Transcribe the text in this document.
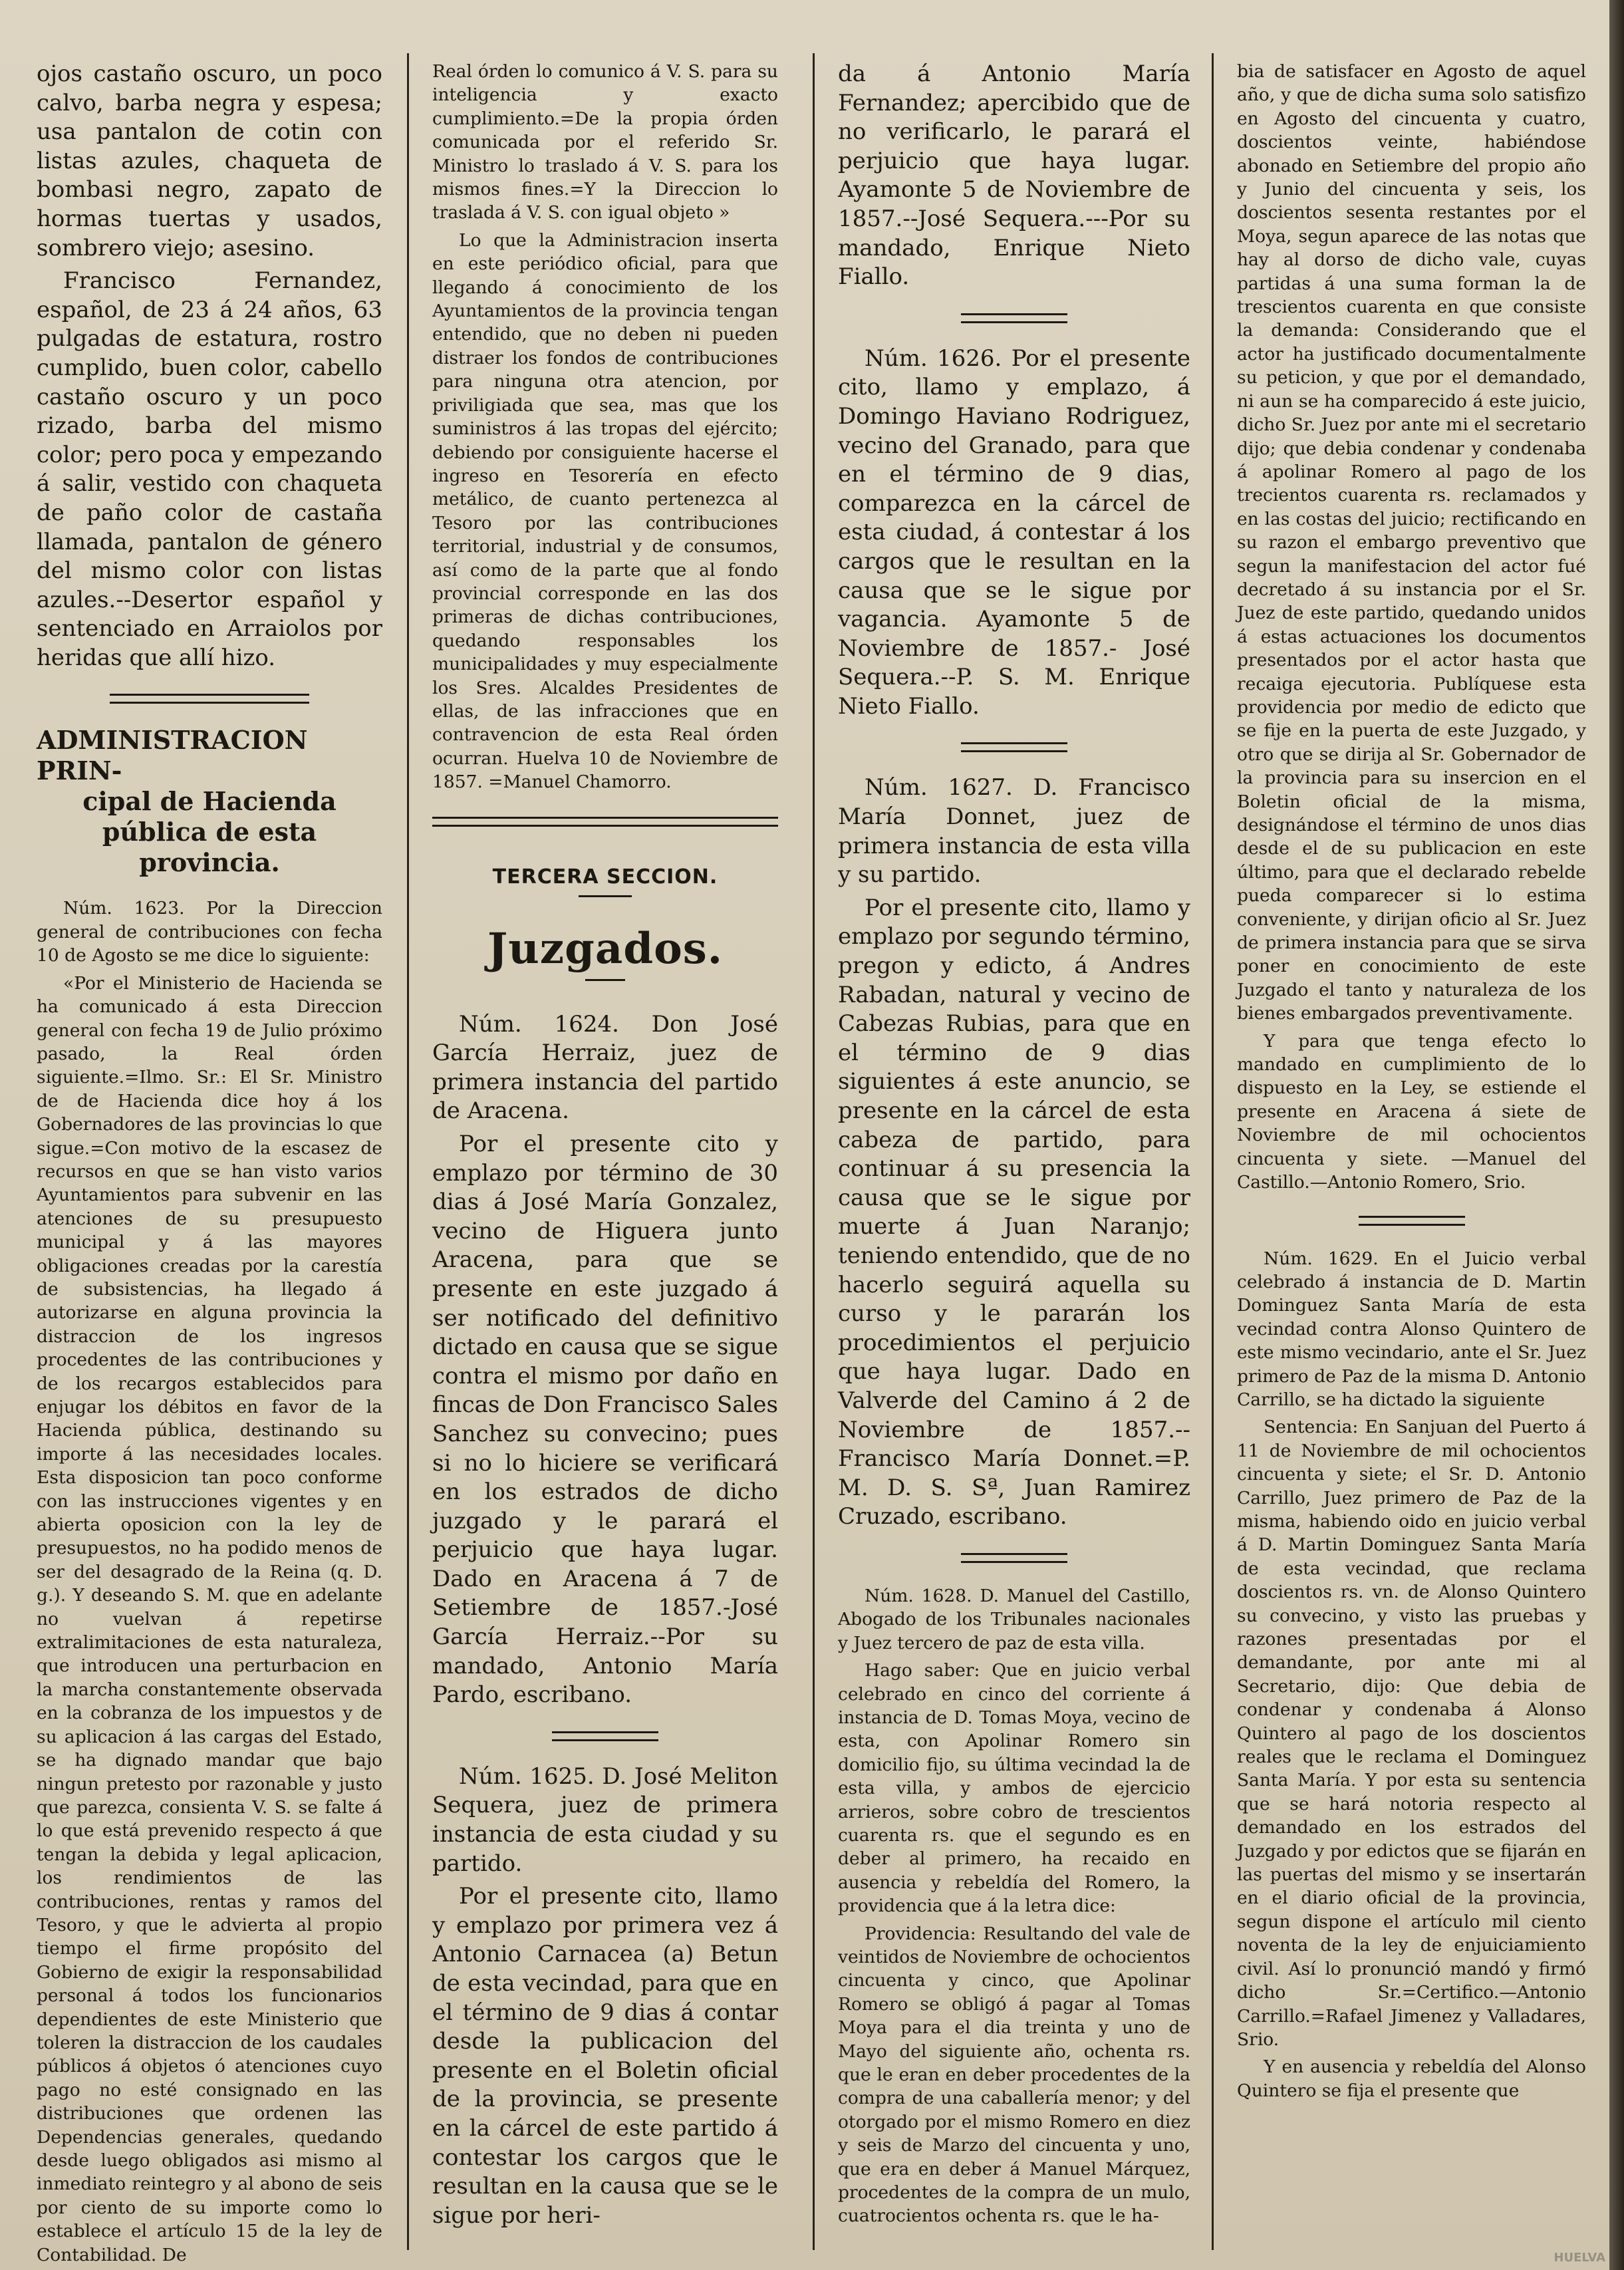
ojos castaño oscuro, un poco calvo, barba negra y espesa; usa pantalon de cotin con listas azules, chaqueta de bombasi negro, zapato de hormas tuertas y usados, sombrero viejo; asesino.

Francisco Fernandez, español, de 23 á 24 años, 63 pulgadas de estatura, rostro cumplido, buen color, cabello castaño oscuro y un poco rizado, barba del mismo color; pero poca y empezando á salir, vestido con chaqueta de paño color de castaña llamada, pantalon de género del mismo color con listas azules.--Desertor español y sentenciado en Arraiolos por heridas que allí hizo.

ADMINISTRACION PRIN-
cipal de Hacienda pública de esta provincia.

Núm. 1623. Por la Direccion general de contribuciones con fecha 10 de Agosto se me dice lo siguiente:

«Por el Ministerio de Hacienda se ha comunicado á esta Direccion general con fecha 19 de Julio próximo pasado, la Real órden siguiente.=Ilmo. Sr.: El Sr. Ministro de de Hacienda dice hoy á los Gobernadores de las provincias lo que sigue.=Con motivo de la escasez de recursos en que se han visto varios Ayuntamientos para subvenir en las atenciones de su presupuesto municipal y á las mayores obligaciones creadas por la carestía de subsistencias, ha llegado á autorizarse en alguna provincia la distraccion de los ingresos procedentes de las contribuciones y de los recargos establecidos para enjugar los débitos en favor de la Hacienda pública, destinando su importe á las necesidades locales. Esta disposicion tan poco conforme con las instrucciones vigentes y en abierta oposicion con la ley de presupuestos, no ha podido menos de ser del desagrado de la Reina (q. D. g.). Y deseando S. M. que en adelante no vuelvan á repetirse extralimitaciones de esta naturaleza, que introducen una perturbacion en la marcha constantemente observada en la cobranza de los impuestos y de su aplicacion á las cargas del Estado, se ha dignado mandar que bajo ningun pretesto por razonable y justo que parezca, consienta V. S. se falte á lo que está prevenido respecto á que tengan la debida y legal aplicacion, los rendimientos de las contribuciones, rentas y ramos del Tesoro, y que le advierta al propio tiempo el firme propósito del Gobierno de exigir la responsabilidad personal á todos los funcionarios dependientes de este Ministerio que toleren la distraccion de los caudales públicos á objetos ó atenciones cuyo pago no esté consignado en las distribuciones que ordenen las Dependencias generales, quedando desde luego obligados asi mismo al inmediato reintegro y al abono de seis por ciento de su importe como lo establece el artículo 15 de la ley de Contabilidad. De

Real órden lo comunico á V. S. para su inteligencia y exacto cumplimiento.=De la propia órden comunicada por el referido Sr. Ministro lo traslado á V. S. para los mismos fines.=Y la Direccion lo traslada á V. S. con igual objeto »

Lo que la Administracion inserta en este periódico oficial, para que llegando á conocimiento de los Ayuntamientos de la provincia tengan entendido, que no deben ni pueden distraer los fondos de contribuciones para ninguna otra atencion, por priviligiada que sea, mas que los suministros á las tropas del ejército; debiendo por consiguiente hacerse el ingreso en Tesorería en efecto metálico, de cuanto pertenezca al Tesoro por las contribuciones territorial, industrial y de consumos, así como de la parte que al fondo provincial corresponde en las dos primeras de dichas contribuciones, quedando responsables los municipalidades y muy especialmente los Sres. Alcaldes Presidentes de ellas, de las infracciones que en contravencion de esta Real órden ocurran. Huelva 10 de Noviembre de 1857. =Manuel Chamorro.

TERCERA SECCION.
Juzgados.

Núm. 1624. Don José García Herraiz, juez de primera instancia del partido de Aracena.

Por el presente cito y emplazo por término de 30 dias á José María Gonzalez, vecino de Higuera junto Aracena, para que se presente en este juzgado á ser notificado del definitivo dictado en causa que se sigue contra el mismo por daño en fincas de Don Francisco Sales Sanchez su convecino; pues si no lo hiciere se verificará en los estrados de dicho juzgado y le parará el perjuicio que haya lugar. Dado en Aracena á 7 de Setiembre de 1857.-José García Herraiz.--Por su mandado, Antonio María Pardo, escribano.

Núm. 1625. D. José Meliton Sequera, juez de primera instancia de esta ciudad y su partido.

Por el presente cito, llamo y emplazo por primera vez á Antonio Carnacea (a) Betun de esta vecindad, para que en el término de 9 dias á contar desde la publicacion del presente en el Boletin oficial de la provincia, se presente en la cárcel de este partido á contestar los cargos que le resultan en la causa que se le sigue por heri-

da á Antonio María Fernandez; apercibido que de no verificarlo, le parará el perjuicio que haya lugar. Ayamonte 5 de Noviembre de 1857.--José Sequera.---Por su mandado, Enrique Nieto Fiallo.

Núm. 1626. Por el presente cito, llamo y emplazo, á Domingo Haviano Rodriguez, vecino del Granado, para que en el término de 9 dias, comparezca en la cárcel de esta ciudad, á contestar á los cargos que le resultan en la causa que se le sigue por vagancia. Ayamonte 5 de Noviembre de 1857.- José Sequera.--P. S. M. Enrique Nieto Fiallo.

Núm. 1627. D. Francisco María Donnet, juez de primera instancia de esta villa y su partido.

Por el presente cito, llamo y emplazo por segundo término, pregon y edicto, á Andres Rabadan, natural y vecino de Cabezas Rubias, para que en el término de 9 dias siguientes á este anuncio, se presente en la cárcel de esta cabeza de partido, para continuar á su presencia la causa que se le sigue por muerte á Juan Naranjo; teniendo entendido, que de no hacerlo seguirá aquella su curso y le pararán los procedimientos el perjuicio que haya lugar. Dado en Valverde del Camino á 2 de Noviembre de 1857.--Francisco María Donnet.=P. M. D. S. Sª, Juan Ramirez Cruzado, escribano.

Núm. 1628. D. Manuel del Castillo, Abogado de los Tribunales nacionales y Juez tercero de paz de esta villa.

Hago saber: Que en juicio verbal celebrado en cinco del corriente á instancia de D. Tomas Moya, vecino de esta, con Apolinar Romero sin domicilio fijo, su última vecindad la de esta villa, y ambos de ejercicio arrieros, sobre cobro de trescientos cuarenta rs. que el segundo es en deber al primero, ha recaido en ausencia y rebeldía del Romero, la providencia que á la letra dice:

Providencia: Resultando del vale de veintidos de Noviembre de ochocientos cincuenta y cinco, que Apolinar Romero se obligó á pagar al Tomas Moya para el dia treinta y uno de Mayo del siguiente año, ochenta rs. que le eran en deber procedentes de la compra de una caballería menor; y del otorgado por el mismo Romero en diez y seis de Marzo del cincuenta y uno, que era en deber á Manuel Márquez, procedentes de la compra de un mulo, cuatrocientos ochenta rs. que le ha-

bia de satisfacer en Agosto de aquel año, y que de dicha suma solo satisfizo en Agosto del cincuenta y cuatro, doscientos veinte, habiéndose abonado en Setiembre del propio año y Junio del cincuenta y seis, los doscientos sesenta restantes por el Moya, segun aparece de las notas que hay al dorso de dicho vale, cuyas partidas á una suma forman la de trescientos cuarenta en que consiste la demanda: Considerando que el actor ha justificado documentalmente su peticion, y que por el demandado, ni aun se ha comparecido á este juicio, dicho Sr. Juez por ante mi el secretario dijo; que debia condenar y condenaba á apolinar Romero al pago de los trecientos cuarenta rs. reclamados y en las costas del juicio; rectificando en su razon el embargo preventivo que segun la manifestacion del actor fué decretado á su instancia por el Sr. Juez de este partido, quedando unidos á estas actuaciones los documentos presentados por el actor hasta que recaiga ejecutoria. Publíquese esta providencia por medio de edicto que se fije en la puerta de este Juzgado, y otro que se dirija al Sr. Gobernador de la provincia para su insercion en el Boletin oficial de la misma, designándose el término de unos dias desde el de su publicacion en este último, para que el declarado rebelde pueda comparecer si lo estima conveniente, y dirijan oficio al Sr. Juez de primera instancia para que se sirva poner en conocimiento de este Juzgado el tanto y naturaleza de los bienes embargados preventivamente.

Y para que tenga efecto lo mandado en cumplimiento de lo dispuesto en la Ley, se estiende el presente en Aracena á siete de Noviembre de mil ochocientos cincuenta y siete. —Manuel del Castillo.—Antonio Romero, Srio.

Núm. 1629. En el Juicio verbal celebrado á instancia de D. Martin Dominguez Santa María de esta vecindad contra Alonso Quintero de este mismo vecindario, ante el Sr. Juez primero de Paz de la misma D. Antonio Carrillo, se ha dictado la siguiente

Sentencia: En Sanjuan del Puerto á 11 de Noviembre de mil ochocientos cincuenta y siete; el Sr. D. Antonio Carrillo, Juez primero de Paz de la misma, habiendo oido en juicio verbal á D. Martin Dominguez Santa María de esta vecindad, que reclama doscientos rs. vn. de Alonso Quintero su convecino, y visto las pruebas y razones presentadas por el demandante, por ante mi al Secretario, dijo: Que debia de condenar y condenaba á Alonso Quintero al pago de los doscientos reales que le reclama el Dominguez Santa María. Y por esta su sentencia que se hará notoria respecto al demandado en los estrados del Juzgado y por edictos que se fijarán en las puertas del mismo y se insertarán en el diario oficial de la provincia, segun dispone el artículo mil ciento noventa de la ley de enjuiciamiento civil. Así lo pronunció mandó y firmó dicho Sr.=Certifico.—Antonio Carrillo.=Rafael Jimenez y Valladares, Srio.

Y en ausencia y rebeldía del Alonso Quintero se fija el presente que

HUELVA
